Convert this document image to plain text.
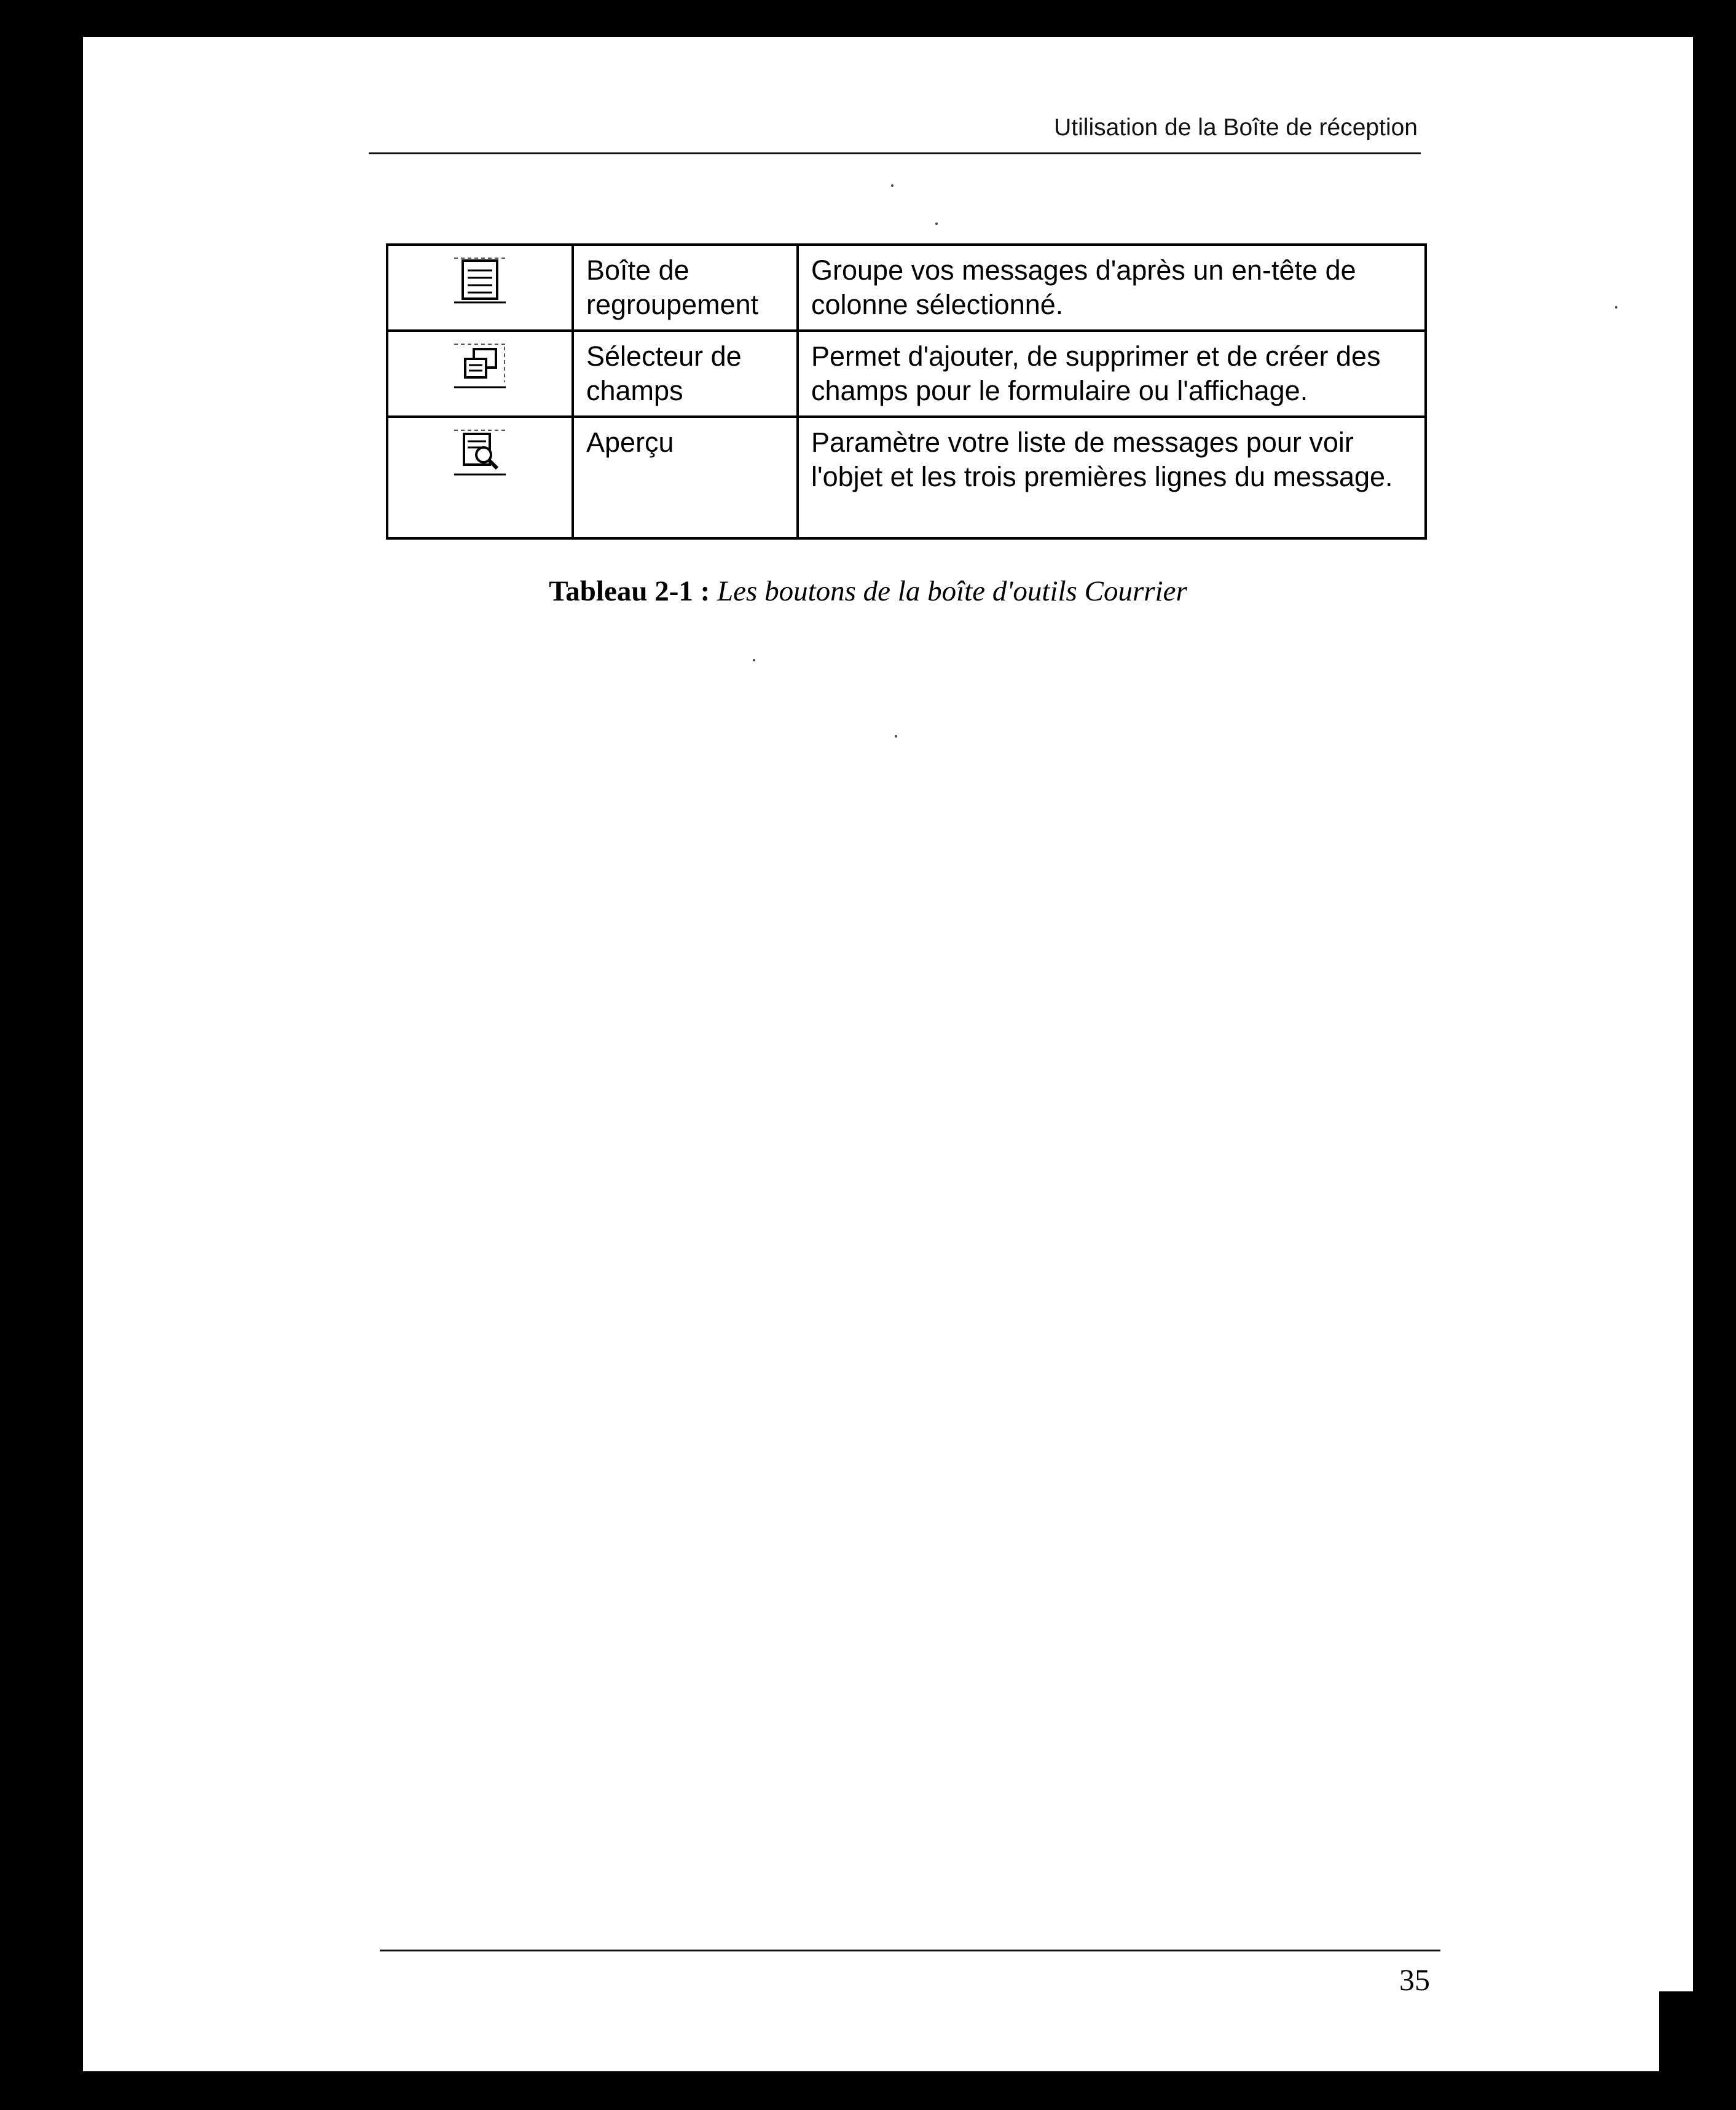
Utilisation de la Boîte de réception
	Boîte de regroupement	Groupe vos messages d'après un en-tête de colonne sélectionné.
	Sélecteur de champs	Permet d'ajouter, de supprimer et de créer des champs pour le formulaire ou l'affichage.
	Aperçu	Paramètre votre liste de messages pour voir l'objet et les trois premières lignes du message.
Tableau 2-1 : Les boutons de la boîte d'outils Courrier
35
